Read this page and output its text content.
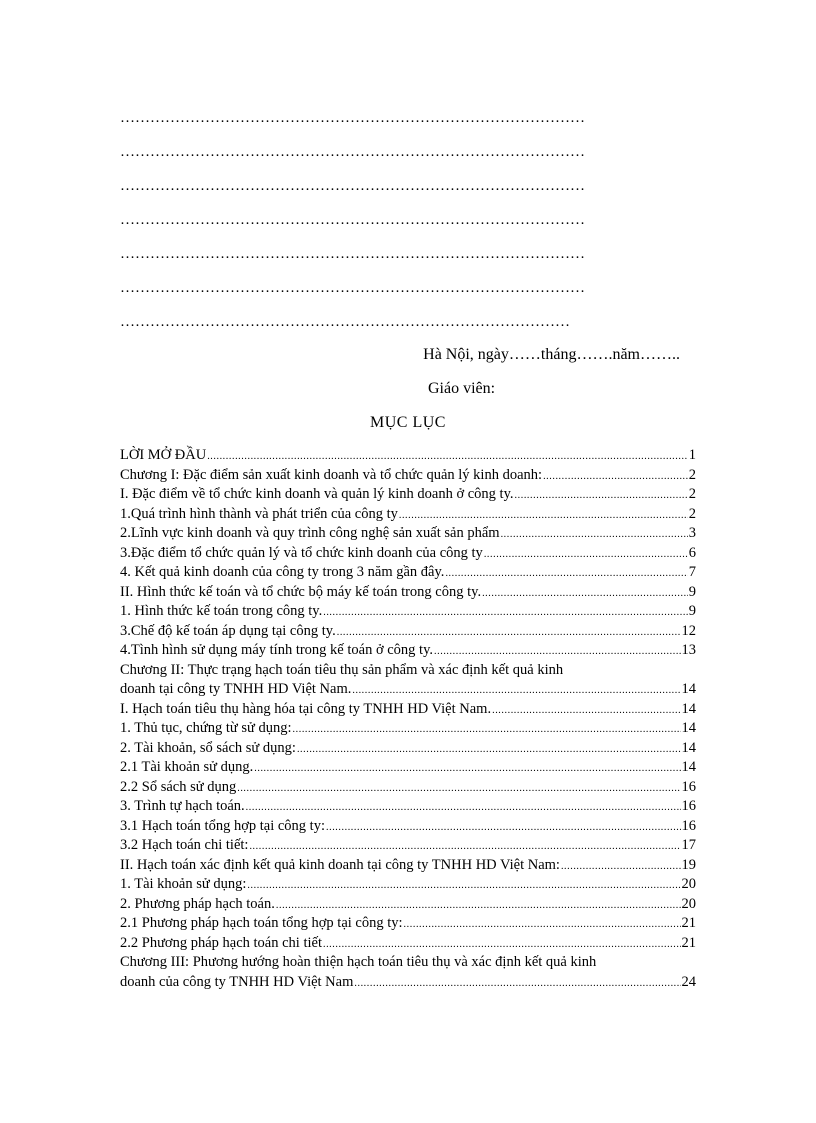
…………………………………………………………………………………
…………………………………………………………………………………
…………………………………………………………………………………
…………………………………………………………………………………
…………………………………………………………………………………
…………………………………………………………………………………
………………………………………………………………………………
Hà Nội, ngày……tháng…….năm……..
Giáo viên:
MỤC LỤC
LỜI MỞ ĐẦU .....	1
Chương I: Đặc điểm sản xuất kinh doanh và tổ chức quản lý kinh doanh: .....	2
I. Đặc điểm về tổ chức kinh doanh và quản lý kinh doanh ở công ty. .....	2
1.Quá trình hình thành và phát triển của công ty .....	2
2.Lĩnh vực kinh doanh và quy trình công nghệ sản xuất sản phẩm .....	3
3.Đặc điểm tổ chức quản lý và tổ chức kinh doanh của công ty .....	6
4. Kết quả kinh doanh của công ty trong 3 năm gần đây. .....	7
II. Hình thức kế toán và tổ chức bộ máy kế toán trong công ty. .....	9
1. Hình thức kế toán trong công ty. .....	9
3.Chế độ kế toán áp dụng tại công ty. .....	12
4.Tình hình sử dụng máy tính trong kế toán ở công ty. .....	13
Chương II: Thực trạng hạch toán tiêu thụ sản phẩm và xác định kết quả kinh
doanh tại công ty TNHH HD Việt Nam. .....	14
I. Hạch toán tiêu thụ hàng hóa tại công ty TNHH HD Việt Nam. .....	14
1. Thủ tục, chứng từ sử dụng: .....	14
2. Tài khoản, sổ sách sử dụng: .....	14
2.1 Tài khoản sử dụng. .....	14
2.2 Sổ sách sử dụng .....	16
3. Trình tự hạch toán. .....	16
3.1 Hạch toán tổng hợp tại công ty: .....	16
3.2 Hạch toán chi tiết: .....	17
II. Hạch toán xác định kết quả kinh doanh tại công ty TNHH HD Việt Nam: .....	19
1. Tài khoản sử dụng: .....	20
2. Phương pháp hạch toán. .....	20
2.1 Phương pháp hạch toán tổng hợp tại công ty: .....	21
2.2 Phương pháp hạch toán chi tiết .....	21
Chương III: Phương hướng hoàn thiện hạch toán tiêu thụ và xác định kết quả kinh
doanh của công ty TNHH HD Việt Nam .....	24
